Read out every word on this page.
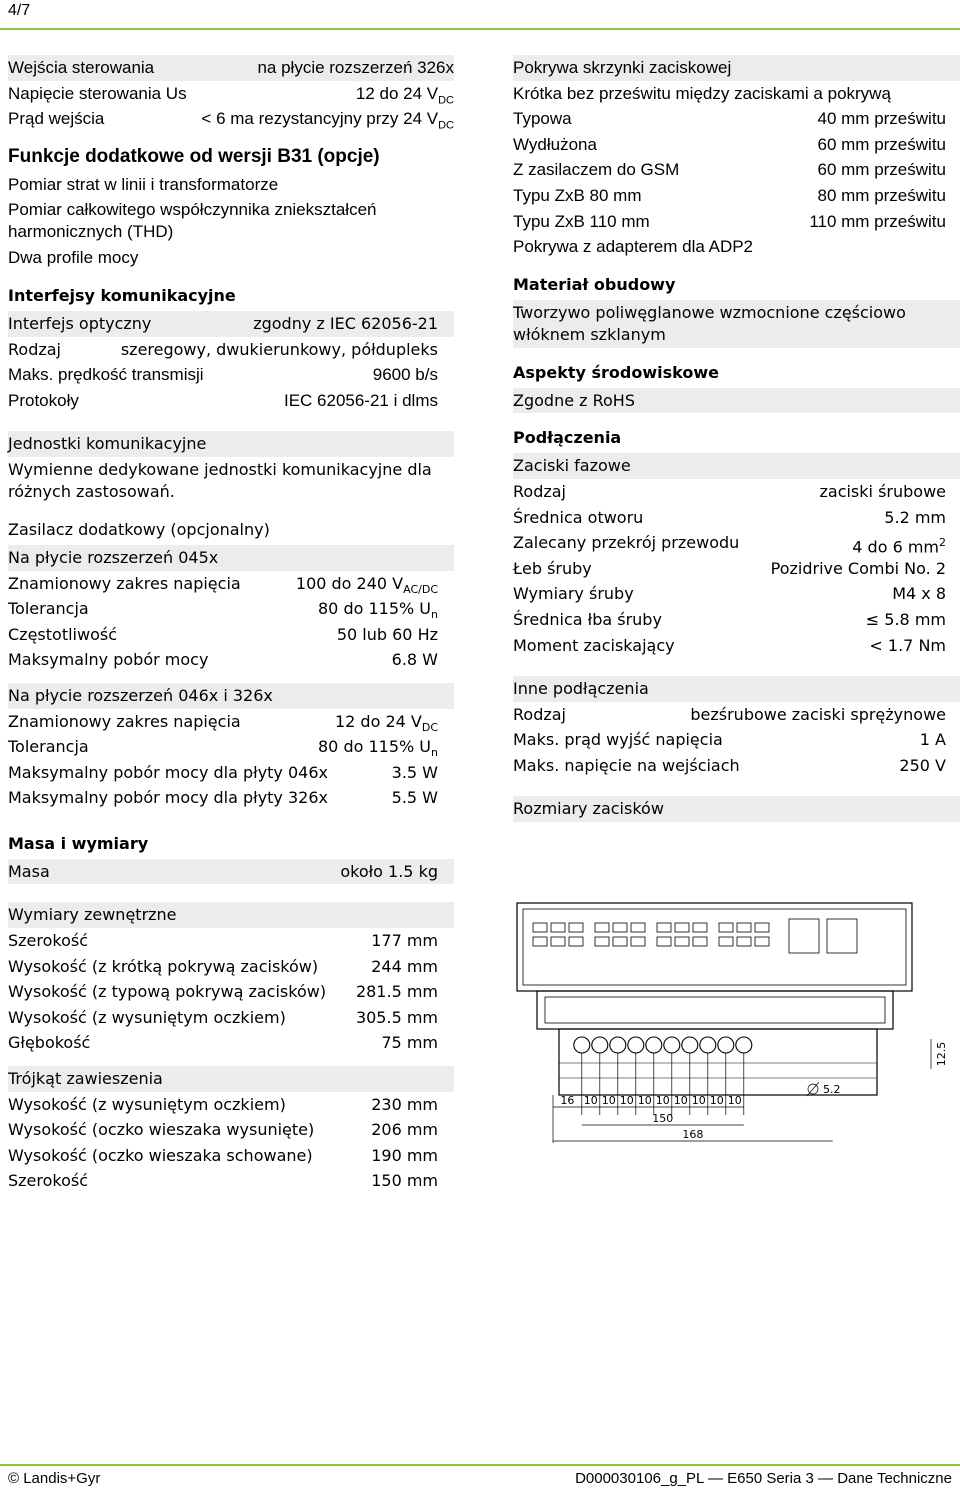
4/7
Wejścia sterowania	na płycie rozszerzeń 326x
Napięcie sterowania Us	12 do 24 $V_{DC}$
Prąd wejścia	< 6 ma rezystancyjny przy 24 $V_{DC}$
Funkcje dodatkowe od wersji B31 (opcje)
Pomiar strat w linii i transformatorze
Pomiar całkowitego współczynnika zniekształceń harmonicznych (THD)
Dwa profile mocy
Interfejsy komunikacyjne
Interfejs optyczny	zgodny z IEC 62056-21
Rodzaj	szeregowy, dwukierunkowy, półdupleks
Maks. prędkość transmisji	9600 b/s
Protokoły	IEC 62056-21 i dlms
Jednostki komunikacyjne
Wymienne dedykowane jednostki komunikacyjne dla różnych zastosowań.
Zasilacz dodatkowy (opcjonalny)
Na płycie rozszerzeń 045x
Znamionowy zakres napięcia	100 do 240 $V_{AC/DC}$
Tolerancja	80 do 115% $U_n$
Częstotliwość	50 lub 60 Hz
Maksymalny pobór mocy	6.8 W
Na płycie rozszerzeń 046x i 326x
Znamionowy zakres napięcia	12 do 24 $V_{DC}$
Tolerancja	80 do 115% $U_n$
Maksymalny pobór mocy dla płyty 046x	3.5 W
Maksymalny pobór mocy dla płyty 326x	5.5 W
Masa i wymiary
Masa	około 1.5 kg
Wymiary zewnętrzne
Szerokość	177 mm
Wysokość (z krótką pokrywą zacisków)	244 mm
Wysokość (z typową pokrywą zacisków) 281.5 mm
Wysokość (z wysuniętym oczkiem)	305.5 mm
Głębokość	75 mm
Trójkąt zawieszenia
Wysokość (z wysuniętym oczkiem)	230 mm
Wysokość (oczko wieszaka wysunięte)	206 mm
Wysokość (oczko wieszaka schowane)	190 mm
Szerokość	150 mm
Pokrywa skrzynki zaciskowej
Krótka bez prześwitu między zaciskami a pokrywą
Typowa	40 mm prześwitu
Wydłużona	60 mm prześwitu
Z zasilaczem do GSM	60 mm prześwitu
Typu ZxB 80 mm	80 mm prześwitu
Typu ZxB 110 mm	110 mm prześwitu
Pokrywa z adapterem dla ADP2
Materiał obudowy
Tworzywo poliwęglanowe wzmocnione częściowo włóknem szklanym
Aspekty środowiskowe
Zgodne z RoHS
Podłączenia
Zaciski fazowe
Rodzaj	zaciski śrubowe
Średnica otworu	5.2 mm
Zalecany przekrój przewodu	4 do 6 $mm^2$
Łeb śruby	Pozidrive Combi No. 2
Wymiary śruby	M4 x 8
Średnica łba śruby	≤ 5.8 mm
Moment zaciskający	< 1.7 Nm
Inne podłączenia
Rodzaj	bezśrubowe zaciski sprężynowe
Maks. prąd wyjść napięcia	1 A
Maks. napięcie na wejściach	250 V
Rozmiary zacisków
16 10 10 10 10 10 10 10 10 10
150
168
5.2
12.5
© Landis+Gyr	D000030106_g_PL — E650 Seria 3 — Dane Techniczne
